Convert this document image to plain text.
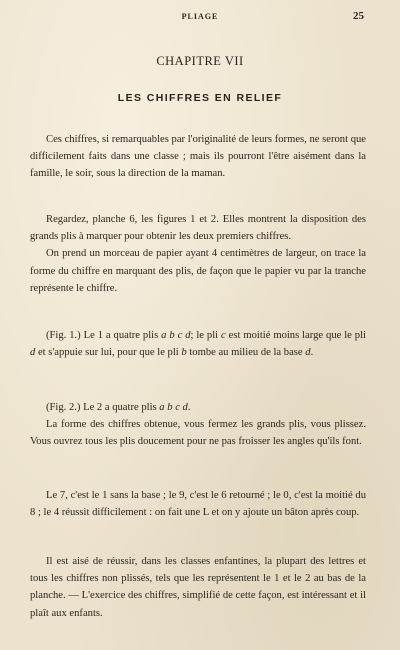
PLIAGE	25
CHAPITRE VII
LES CHIFFRES EN RELIEF

Ces chiffres, si remarquables par l'originalité de leurs formes, ne seront que difficilement faits dans une classe ; mais ils pourront l'être aisément dans la famille, le soir, sous la direction de la maman.

Regardez, planche 6, les figures 1 et 2. Elles montrent la disposition des grands plis à marquer pour obtenir les deux premiers chiffres.

On prend un morceau de papier ayant 4 centimètres de largeur, on trace la forme du chiffre en marquant des plis, de façon que le papier vu par la tranche représente le chiffre.

(Fig. 1.) Le 1 a quatre plis a b c d; le pli c est moitié moins large que le pli d et s'appuie sur lui, pour que le pli b tombe au milieu de la base d.

(Fig. 2.) Le 2 a quatre plis a b c d.

La forme des chiffres obtenue, vous fermez les grands plis, vous plissez. Vous ouvrez tous les plis doucement pour ne pas froisser les angles qu'ils font.

Le 7, c'est le 1 sans la base ; le 9, c'est le 6 retourné ; le 0, c'est la moitié du 8 ; le 4 réussit difficilement : on fait une L et on y ajoute un bâton après coup.

Il est aisé de réussir, dans les classes enfantines, la plupart des lettres et tous les chiffres non plissés, tels que les représentent le 1 et le 2 au bas de la planche. — L'exercice des chiffres, simplifié de cette façon, est intéressant et il plaît aux enfants.
